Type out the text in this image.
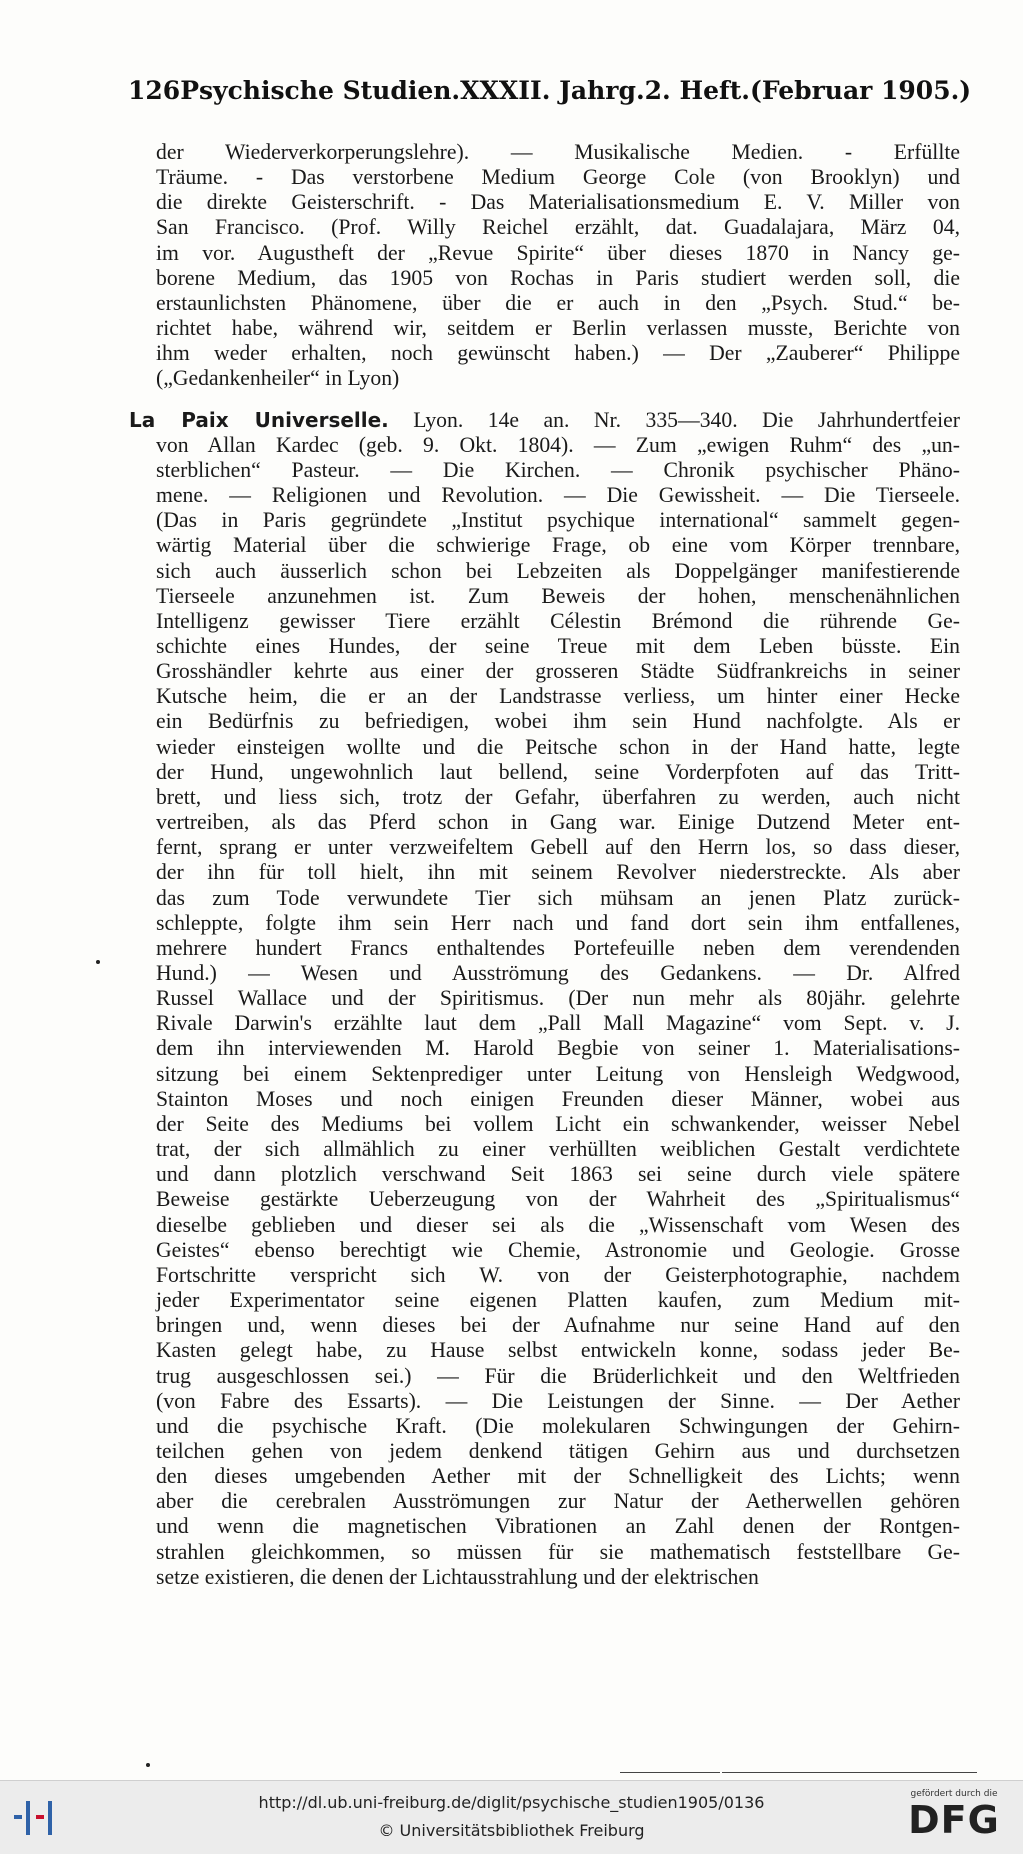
126 Psychische Studien. XXXII. Jahrg. 2. Heft. (Februar 1905.)
der Wiederverkorperungslehre). — Musikalische Medien. - Erfüllte
Träume. - Das verstorbene Medium George Cole (von Brooklyn) und
die direkte Geisterschrift. - Das Materialisationsmedium E. V. Miller von
San Francisco. (Prof. Willy Reichel erzählt, dat. Guadalajara, März 04,
im vor. Augustheft der „Revue Spirite“ über dieses 1870 in Nancy ge-
borene Medium, das 1905 von Rochas in Paris studiert werden soll, die
erstaunlichsten Phänomene, über die er auch in den „Psych. Stud.“ be-
richtet habe, während wir, seitdem er Berlin verlassen musste, Berichte von
ihm weder erhalten, noch gewünscht haben.) — Der „Zauberer“ Philippe
(„Gedankenheiler“ in Lyon)
La Paix Universelle. Lyon. 14e an. Nr. 335—340. Die Jahrhundertfeier
von Allan Kardec (geb. 9. Okt. 1804). — Zum „ewigen Ruhm“ des „un-
sterblichen“ Pasteur. — Die Kirchen. — Chronik psychischer Phäno-
mene. — Religionen und Revolution. — Die Gewissheit. — Die Tierseele.
(Das in Paris gegründete „Institut psychique international“ sammelt gegen-
wärtig Material über die schwierige Frage, ob eine vom Körper trennbare,
sich auch äusserlich schon bei Lebzeiten als Doppelgänger manifestierende
Tierseele anzunehmen ist. Zum Beweis der hohen, menschenähnlichen
Intelligenz gewisser Tiere erzählt Célestin Brémond die rührende Ge-
schichte eines Hundes, der seine Treue mit dem Leben büsste. Ein
Grosshändler kehrte aus einer der grosseren Städte Südfrankreichs in seiner
Kutsche heim, die er an der Landstrasse verliess, um hinter einer Hecke
ein Bedürfnis zu befriedigen, wobei ihm sein Hund nachfolgte. Als er
wieder einsteigen wollte und die Peitsche schon in der Hand hatte, legte
der Hund, ungewohnlich laut bellend, seine Vorderpfoten auf das Tritt-
brett, und liess sich, trotz der Gefahr, überfahren zu werden, auch nicht
vertreiben, als das Pferd schon in Gang war. Einige Dutzend Meter ent-
fernt, sprang er unter verzweifeltem Gebell auf den Herrn los, so dass dieser,
der ihn für toll hielt, ihn mit seinem Revolver niederstreckte. Als aber
das zum Tode verwundete Tier sich mühsam an jenen Platz zurück-
schleppte, folgte ihm sein Herr nach und fand dort sein ihm entfallenes,
mehrere hundert Francs enthaltendes Portefeuille neben dem verendenden
Hund.) — Wesen und Ausströmung des Gedankens. — Dr. Alfred
Russel Wallace und der Spiritismus. (Der nun mehr als 80jähr. gelehrte
Rivale Darwin's erzählte laut dem „Pall Mall Magazine“ vom Sept. v. J.
dem ihn interviewenden M. Harold Begbie von seiner 1. Materialisations-
sitzung bei einem Sektenprediger unter Leitung von Hensleigh Wedgwood,
Stainton Moses und noch einigen Freunden dieser Männer, wobei aus
der Seite des Mediums bei vollem Licht ein schwankender, weisser Nebel
trat, der sich allmählich zu einer verhüllten weiblichen Gestalt verdichtete
und dann plotzlich verschwand Seit 1863 sei seine durch viele spätere
Beweise gestärkte Ueberzeugung von der Wahrheit des „Spiritualismus“
dieselbe geblieben und dieser sei als die „Wissenschaft vom Wesen des
Geistes“ ebenso berechtigt wie Chemie, Astronomie und Geologie. Grosse
Fortschritte verspricht sich W. von der Geisterphotographie, nachdem
jeder Experimentator seine eigenen Platten kaufen, zum Medium mit-
bringen und, wenn dieses bei der Aufnahme nur seine Hand auf den
Kasten gelegt habe, zu Hause selbst entwickeln konne, sodass jeder Be-
trug ausgeschlossen sei.) — Für die Brüderlichkeit und den Weltfrieden
(von Fabre des Essarts). — Die Leistungen der Sinne. — Der Aether
und die psychische Kraft. (Die molekularen Schwingungen der Gehirn-
teilchen gehen von jedem denkend tätigen Gehirn aus und durchsetzen
den dieses umgebenden Aether mit der Schnelligkeit des Lichts; wenn
aber die cerebralen Ausströmungen zur Natur der Aetherwellen gehören
und wenn die magnetischen Vibrationen an Zahl denen der Rontgen-
strahlen gleichkommen, so müssen für sie mathematisch feststellbare Ge-
setze existieren, die denen der Lichtausstrahlung und der elektrischen
http://dl.ub.uni-freiburg.de/diglit/psychische_studien1905/0136
© Universitätsbibliothek Freiburg
gefördert durch die
DFG
